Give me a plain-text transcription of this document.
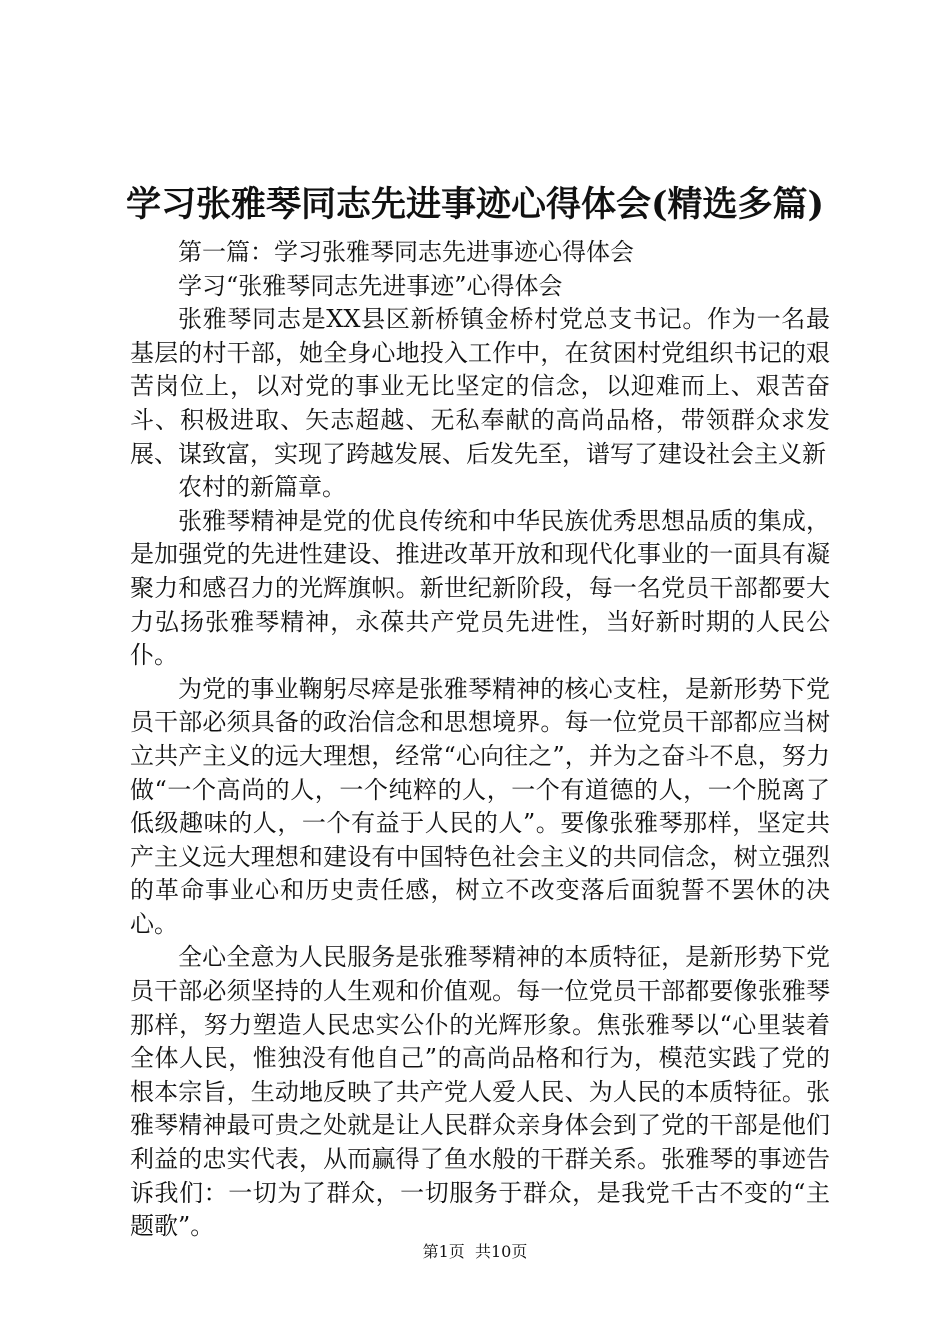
学习张雅琴同志先进事迹心得体会(精选多篇)

第一篇：学习张雅琴同志先进事迹心得体会

学习“张雅琴同志先进事迹”心得体会

张雅琴同志是XX县区新桥镇金桥村党总支书记。作为一名最基层的村干部，她全身心地投入工作中，在贫困村党组织书记的艰苦岗位上，以对党的事业无比坚定的信念，以迎难而上、艰苦奋斗、积极进取、矢志超越、无私奉献的高尚品格，带领群众求发展、谋致富，实现了跨越发展、后发先至，谱写了建设社会主义新

农村的新篇章。

张雅琴精神是党的优良传统和中华民族优秀思想品质的集成，是加强党的先进性建设、推进改革开放和现代化事业的一面具有凝聚力和感召力的光辉旗帜。新世纪新阶段，每一名党员干部都要大力弘扬张雅琴精神，永葆共产党员先进性，当好新时期的人民公仆。

为党的事业鞠躬尽瘁是张雅琴精神的核心支柱，是新形势下党员干部必须具备的政治信念和思想境界。每一位党员干部都应当树立共产主义的远大理想，经常“心向往之”，并为之奋斗不息，努力做“一个高尚的人，一个纯粹的人，一个有道德的人，一个脱离了低级趣味的人，一个有益于人民的人”。要像张雅琴那样，坚定共产主义远大理想和建设有中国特色社会主义的共同信念，树立强烈的革命事业心和历史责任感，树立不改变落后面貌誓不罢休的决心。

全心全意为人民服务是张雅琴精神的本质特征，是新形势下党员干部必须坚持的人生观和价值观。每一位党员干部都要像张雅琴那样，努力塑造人民忠实公仆的光辉形象。焦张雅琴以“心里装着全体人民，惟独没有他自己”的高尚品格和行为，模范实践了党的根本宗旨，生动地反映了共产党人爱人民、为人民的本质特征。张雅琴精神最可贵之处就是让人民群众亲身体会到了党的干部是他们利益的忠实代表，从而赢得了鱼水般的干群关系。张雅琴的事迹告诉我们：一切为了群众，一切服务于群众，是我党千古不变的“主题歌”。

第1页 共10页
